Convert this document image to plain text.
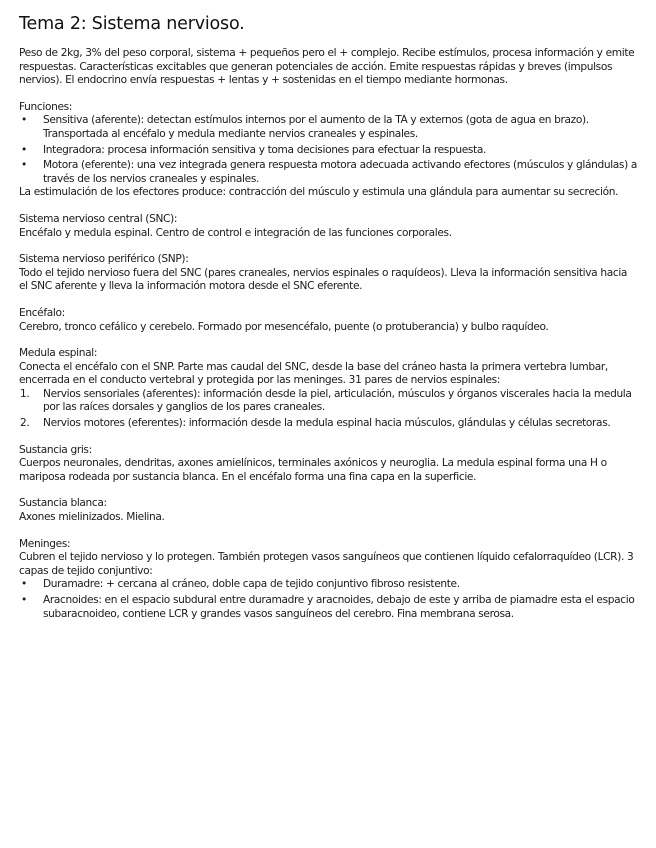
Tema 2: Sistema nervioso.

Peso de 2kg, 3% del peso corporal, sistema + pequeños pero el + complejo. Recibe estímulos, procesa información y emite respuestas. Características excitables que generan potenciales de acción. Emite respuestas rápidas y breves (impulsos nervios). El endocrino envía respuestas + lentas y + sostenidas en el tiempo mediante hormonas.

Funciones:

• Sensitiva (aferente): detectan estímulos internos por el aumento de la TA y externos (gota de agua en brazo). Transportada al encéfalo y medula mediante nervios craneales y espinales.
• Integradora: procesa información sensitiva y toma decisiones para efectuar la respuesta.
• Motora (eferente): una vez integrada genera respuesta motora adecuada activando efectores (músculos y glándulas) a través de los nervios craneales y espinales.

La estimulación de los efectores produce: contracción del músculo y estimula una glándula para aumentar su secreción.

Sistema nervioso central (SNC):

Encéfalo y medula espinal. Centro de control e integración de las funciones corporales.

Sistema nervioso periférico (SNP):

Todo el tejido nervioso fuera del SNC (pares craneales, nervios espinales o raquídeos). Lleva la información sensitiva hacia el SNC aferente y lleva la información motora desde el SNC eferente.

Encéfalo:

Cerebro, tronco cefálico y cerebelo. Formado por mesencéfalo, puente (o protuberancia) y bulbo raquídeo.

Medula espinal:

Conecta el encéfalo con el SNP. Parte mas caudal del SNC, desde la base del cráneo hasta la primera vertebra lumbar, encerrada en el conducto vertebral y protegida por las meninges. 31 pares de nervios espinales:

1. Nervios sensoriales (aferentes): información desde la piel, articulación, músculos y órganos viscerales hacia la medula por las raíces dorsales y ganglios de los pares craneales.
2. Nervios motores (eferentes): información desde la medula espinal hacia músculos, glándulas y células secretoras.

Sustancia gris:

Cuerpos neuronales, dendritas, axones amielínicos, terminales axónicos y neuroglia. La medula espinal forma una H o mariposa rodeada por sustancia blanca. En el encéfalo forma una fina capa en la superficie.

Sustancia blanca:

Axones mielinizados. Mielina.

Meninges:

Cubren el tejido nervioso y lo protegen. También protegen vasos sanguíneos que contienen líquido cefalorraquídeo (LCR). 3 capas de tejido conjuntivo:

• Duramadre: + cercana al cráneo, doble capa de tejido conjuntivo fibroso resistente.
• Aracnoides: en el espacio subdural entre duramadre y aracnoides, debajo de este y arriba de piamadre esta el espacio subaracnoideo, contiene LCR y grandes vasos sanguíneos del cerebro. Fina membrana serosa.
